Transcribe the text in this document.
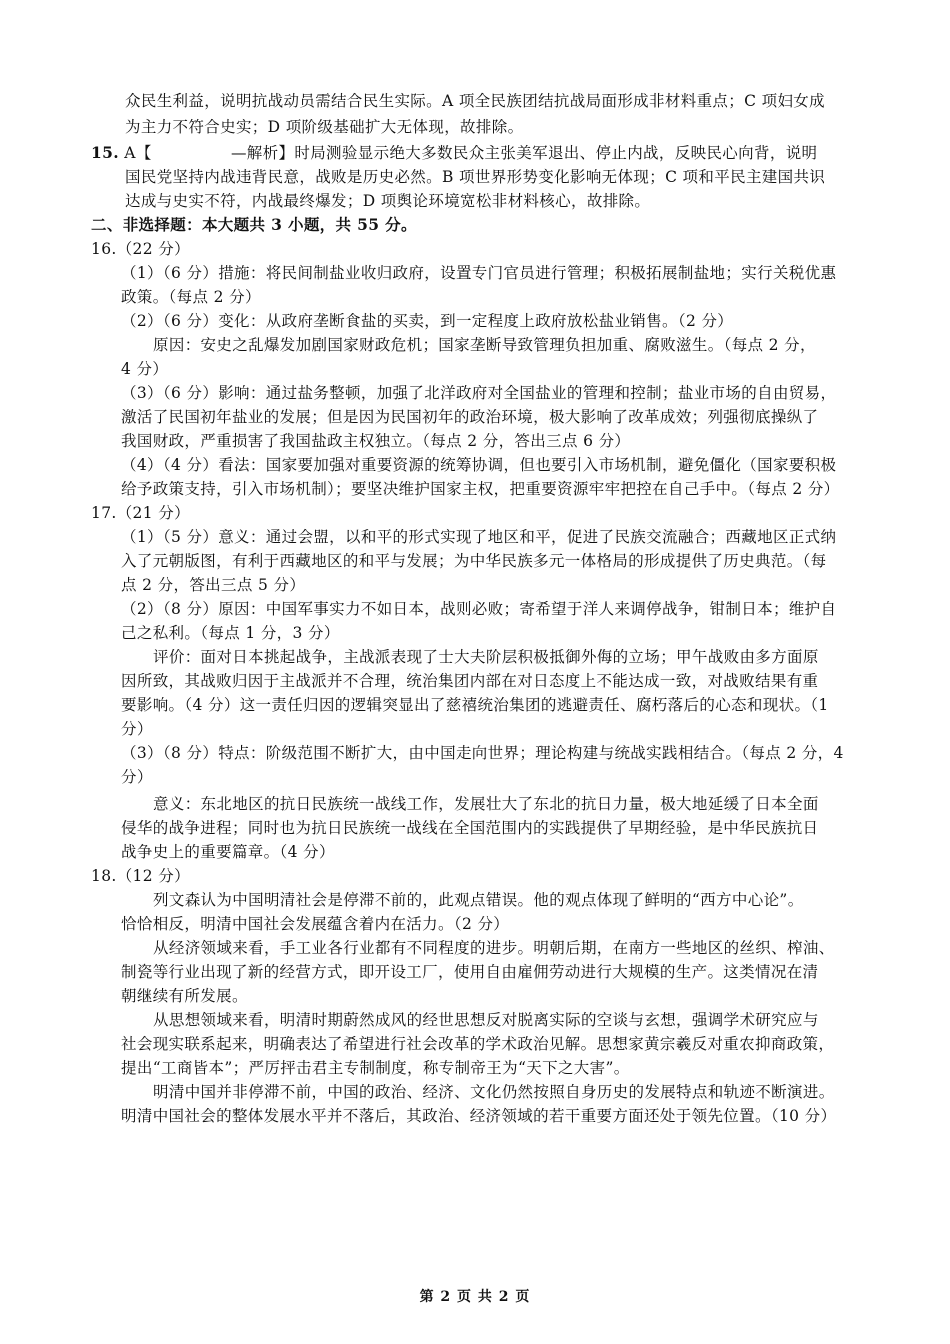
众民生利益，说明抗战动员需结合民生实际。A 项全民族团结抗战局面形成非材料重点；C 项妇女成
为主力不符合史实；D 项阶级基础扩大无体现，故排除。
15. A【　　　　　—解析】时局测验显示绝大多数民众主张美军退出、停止内战，反映民心向背，说明
国民党坚持内战违背民意，战败是历史必然。B 项世界形势变化影响无体现；C 项和平民主建国共识
达成与史实不符，内战最终爆发；D 项舆论环境宽松非材料核心，故排除。
二、非选择题：本大题共 3 小题，共 55 分。
16.（22 分）
（1）（6 分）措施：将民间制盐业收归政府，设置专门官员进行管理；积极拓展制盐地；实行关税优惠
政策。（每点 2 分）
（2）（6 分）变化：从政府垄断食盐的买卖，到一定程度上政府放松盐业销售。（2 分）
原因：安史之乱爆发加剧国家财政危机；国家垄断导致管理负担加重、腐败滋生。（每点 2 分，
4 分）
（3）（6 分）影响：通过盐务整顿，加强了北洋政府对全国盐业的管理和控制；盐业市场的自由贸易，
激活了民国初年盐业的发展；但是因为民国初年的政治环境，极大影响了改革成效；列强彻底操纵了
我国财政，严重损害了我国盐政主权独立。（每点 2 分，答出三点 6 分）
（4）（4 分）看法：国家要加强对重要资源的统筹协调，但也要引入市场机制，避免僵化（国家要积极
给予政策支持，引入市场机制）；要坚决维护国家主权，把重要资源牢牢把控在自己手中。（每点 2 分）
17.（21 分）
（1）（5 分）意义：通过会盟，以和平的形式实现了地区和平，促进了民族交流融合；西藏地区正式纳
入了元朝版图，有利于西藏地区的和平与发展；为中华民族多元一体格局的形成提供了历史典范。（每
点 2 分，答出三点 5 分）
（2）（8 分）原因：中国军事实力不如日本，战则必败；寄希望于洋人来调停战争，钳制日本；维护自
己之私利。（每点 1 分，3 分）
评价：面对日本挑起战争，主战派表现了士大夫阶层积极抵御外侮的立场；甲午战败由多方面原
因所致，其战败归因于主战派并不合理，统治集团内部在对日态度上不能达成一致，对战败结果有重
要影响。（4 分）这一责任归因的逻辑突显出了慈禧统治集团的逃避责任、腐朽落后的心态和现状。（1
分）
（3）（8 分）特点：阶级范围不断扩大，由中国走向世界；理论构建与统战实践相结合。（每点 2 分，4
分）
意义：东北地区的抗日民族统一战线工作，发展壮大了东北的抗日力量，极大地延缓了日本全面
侵华的战争进程；同时也为抗日民族统一战线在全国范围内的实践提供了早期经验，是中华民族抗日
战争史上的重要篇章。（4 分）
18.（12 分）
列文森认为中国明清社会是停滞不前的，此观点错误。他的观点体现了鲜明的“西方中心论”。
恰恰相反，明清中国社会发展蕴含着内在活力。（2 分）
从经济领域来看，手工业各行业都有不同程度的进步。明朝后期，在南方一些地区的丝织、榨油、
制瓷等行业出现了新的经营方式，即开设工厂，使用自由雇佣劳动进行大规模的生产。这类情况在清
朝继续有所发展。
从思想领域来看，明清时期蔚然成风的经世思想反对脱离实际的空谈与玄想，强调学术研究应与
社会现实联系起来，明确表达了希望进行社会改革的学术政治见解。思想家黄宗羲反对重农抑商政策，
提出“工商皆本”；严厉抨击君主专制制度，称专制帝王为“天下之大害”。
明清中国并非停滞不前，中国的政治、经济、文化仍然按照自身历史的发展特点和轨迹不断演进。
明清中国社会的整体发展水平并不落后，其政治、经济领域的若干重要方面还处于领先位置。（10 分）
第 2 页 共 2 页
